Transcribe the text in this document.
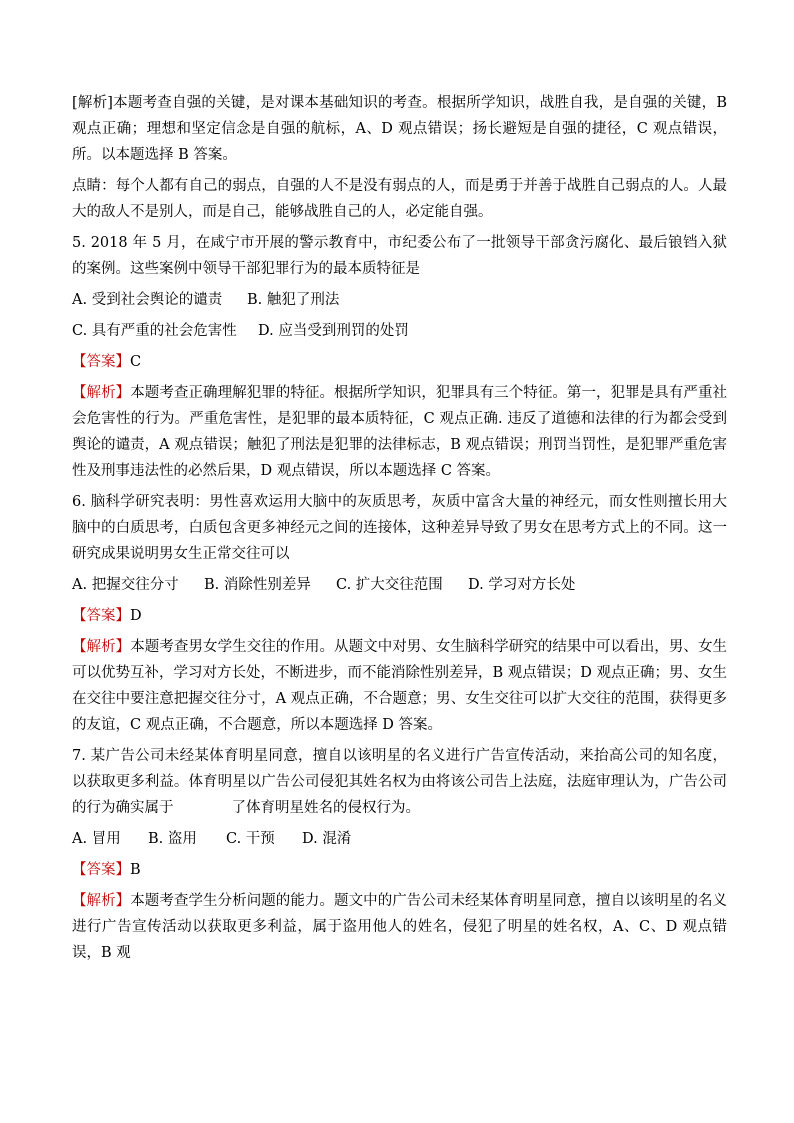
[解析]本题考查自强的关键，是对课本基础知识的考查。根据所学知识，战胜自我，是自强的关键，B 观点正确；理想和坚定信念是自强的航标，A、D 观点错误；扬长避短是自强的捷径，C 观点错误，所。以本题选择 B 答案。

点睛：每个人都有自己的弱点，自强的人不是没有弱点的人，而是勇于并善于战胜自己弱点的人。人最大的敌人不是别人，而是自己，能够战胜自己的人，必定能自强。

5. 2018 年 5 月，在咸宁市开展的警示教育中，市纪委公布了一批领导干部贪污腐化、最后锒铛入狱的案例。这些案例中领导干部犯罪行为的最本质特征是

A. 受到社会舆论的谴责 B. 触犯了刑法
C. 具有严重的社会危害性 D. 应当受到刑罚的处罚

【答案】C

【解析】本题考查正确理解犯罪的特征。根据所学知识，犯罪具有三个特征。第一，犯罪是具有严重社会危害性的行为。严重危害性，是犯罪的最本质特征，C 观点正确. 违反了道德和法律的行为都会受到舆论的谴责，A 观点错误；触犯了刑法是犯罪的法律标志，B 观点错误；刑罚当罚性，是犯罪严重危害性及刑事违法性的必然后果，D 观点错误，所以本题选择 C 答案。

6. 脑科学研究表明：男性喜欢运用大脑中的灰质思考，灰质中富含大量的神经元，而女性则擅长用大脑中的白质思考，白质包含更多神经元之间的连接体，这种差异导致了男女在思考方式上的不同。这一研究成果说明男女生正常交往可以

A. 把握交往分寸 B. 消除性别差异 C. 扩大交往范围 D. 学习对方长处

【答案】D

【解析】本题考查男女学生交往的作用。从题文中对男、女生脑科学研究的结果中可以看出，男、女生可以优势互补，学习对方长处，不断进步，而不能消除性别差异，B 观点错误；D 观点正确；男、女生在交往中要注意把握交往分寸，A 观点正确，不合题意；男、女生交往可以扩大交往的范围，获得更多的友谊，C 观点正确，不合题意，所以本题选择 D 答案。

7. 某广告公司未经某体育明星同意，擅自以该明星的名义进行广告宣传活动，来抬高公司的知名度，以获取更多利益。体育明星以广告公司侵犯其姓名权为由将该公司告上法庭，法庭审理认为，广告公司的行为确实属于	了体育明星姓名的侵权行为。

A. 冒用 B. 盗用 C. 干预 D. 混淆

【答案】B

【解析】本题考查学生分析问题的能力。题文中的广告公司未经某体育明星同意，擅自以该明星的名义进行广告宣传活动以获取更多利益，属于盗用他人的姓名，侵犯了明星的姓名权，A、C、D 观点错误，B 观
